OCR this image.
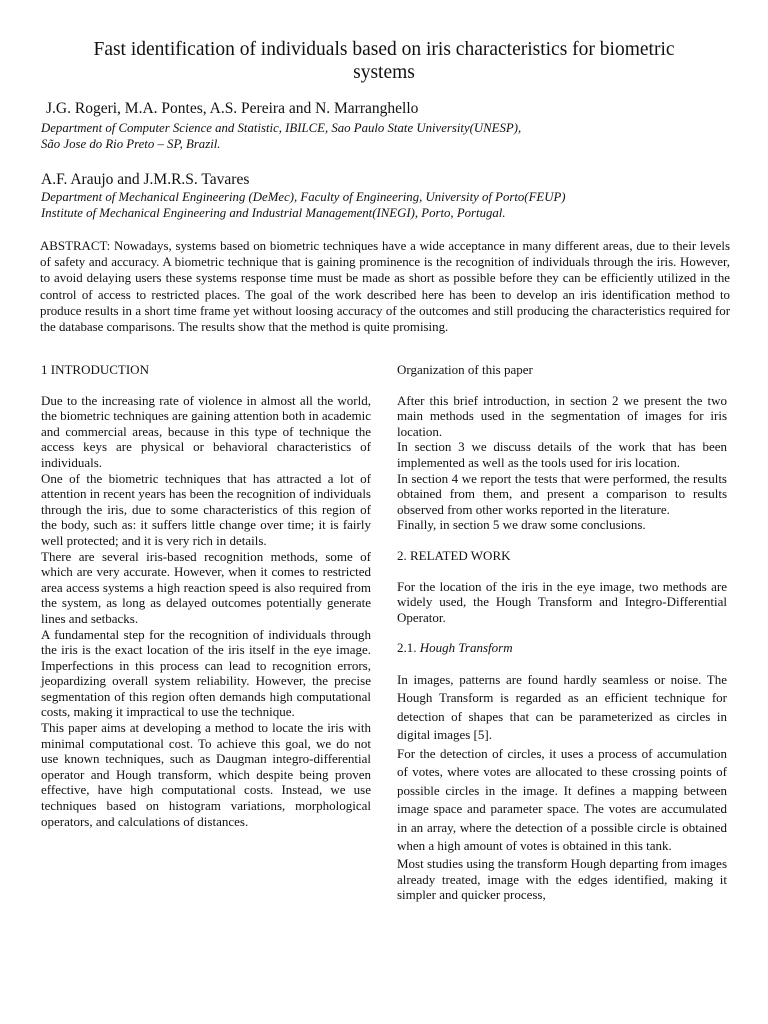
Fast identification of individuals based on iris characteristics for biometric systems
J.G. Rogeri, M.A. Pontes, A.S. Pereira and N. Marranghello
Department of Computer Science and Statistic, IBILCE, Sao Paulo State University(UNESP),
São Jose do Rio Preto – SP, Brazil.
A.F. Araujo and J.M.R.S. Tavares
Department of Mechanical Engineering (DeMec), Faculty of Engineering, University of Porto(FEUP)
Institute of Mechanical Engineering and Industrial Management(INEGI), Porto, Portugal.
ABSTRACT: Nowadays, systems based on biometric techniques have a wide acceptance in many different areas, due to their levels of safety and accuracy. A biometric technique that is gaining prominence is the recognition of individuals through the iris. However, to avoid delaying users these systems response time must be made as short as possible before they can be efficiently utilized in the control of access to restricted places. The goal of the work described here has been to develop an iris identification method to produce results in a short time frame yet without loosing accuracy of the outcomes and still producing the characteristics required for the database comparisons. The results show that the method is quite promising.
1 INTRODUCTION

Due to the increasing rate of violence in almost all the world, the biometric techniques are gaining attention both in academic and commercial areas, because in this type of technique the access keys are physical or behavioral characteristics of individuals.

One of the biometric techniques that has attracted a lot of attention in recent years has been the recognition of individuals through the iris, due to some characteristics of this region of the body, such as: it suffers little change over time; it is fairly well protected; and it is very rich in details.

There are several iris-based recognition methods, some of which are very accurate. However, when it comes to restricted area access systems a high reaction speed is also required from the system, as long as delayed outcomes potentially generate lines and setbacks.

A fundamental step for the recognition of individuals through the iris is the exact location of the iris itself in the eye image. Imperfections in this process can lead to recognition errors, jeopardizing overall system reliability. However, the precise segmentation of this region often demands high computational costs, making it impractical to use the technique.

This paper aims at developing a method to locate the iris with minimal computational cost. To achieve this goal, we do not use known techniques, such as Daugman integro-differential operator and Hough transform, which despite being proven effective, have high computational costs. Instead, we use techniques based on histogram variations, morphological operators, and calculations of distances.

Organization of this paper

After this brief introduction, in section 2 we present the two main methods used in the segmentation of images for iris location.

In section 3 we discuss details of the work that has been implemented as well as the tools used for iris location.

In section 4 we report the tests that were performed, the results obtained from them, and present a comparison to results observed from other works reported in the literature.

Finally, in section 5 we draw some conclusions.

2. RELATED WORK

For the location of the iris in the eye image, two methods are widely used, the Hough Transform and Integro-Differential Operator.

2.1. Hough Transform

In images, patterns are found hardly seamless or noise. The Hough Transform is regarded as an efficient technique for detection of shapes that can be parameterized as circles in digital images [5].

For the detection of circles, it uses a process of accumulation of votes, where votes are allocated to these crossing points of possible circles in the image. It defines a mapping between image space and parameter space. The votes are accumulated in an array, where the detection of a possible circle is obtained when a high amount of votes is obtained in this tank.

Most studies using the transform Hough departing from images already treated, image with the edges identified, making it simpler and quicker process,
